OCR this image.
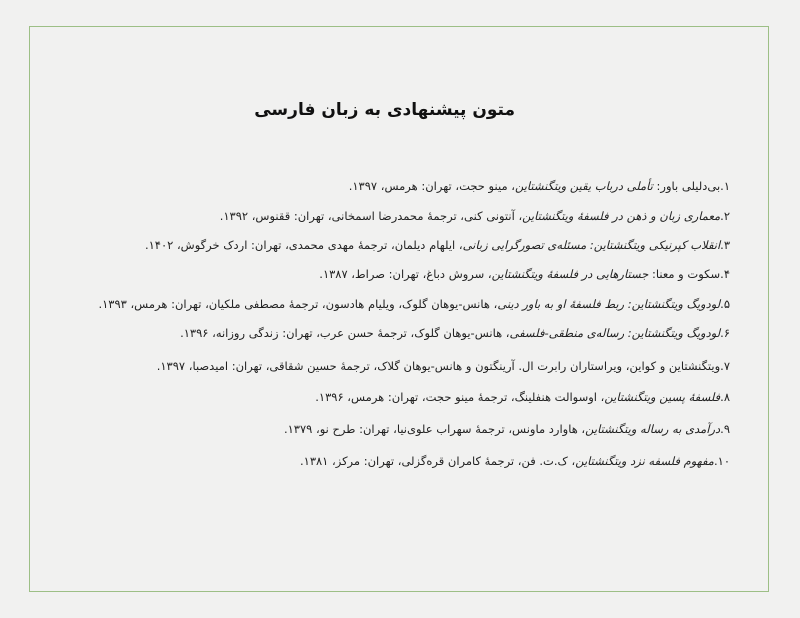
متون پیشنهادی به زبان فارسی
۱.بی‌دلیلی باور: تأملی درباب یقین ویتگنشتاین، مینو حجت، تهران: هرمس، ۱۳۹۷.
۲.معماری زبان و ذهن در فلسفهٔ ویتگنشتاین، آنتونی کنی، ترجمهٔ محمدرضا اسمخانی، تهران: ققنوس، ۱۳۹۲.
۳.انقلاب کپرنیکی ویتگنشتاین: مسئله‌ی تصورگرایی زبانی، ایلهام دیلمان، ترجمهٔ مهدی محمدی، تهران: اردک خرگوش، ۱۴۰۲.
۴.سکوت و معنا: جستارهایی در فلسفهٔ ویتگنشتاین، سروش دباغ، تهران: صراط، ۱۳۸۷.
۵.لودویگ ویتگنشتاین: ربط فلسفهٔ او به باور دینی، هانس-یوهان گلوک، ویلیام هادسون، ترجمهٔ مصطفی ملکیان، تهران: هرمس، ۱۳۹۳.
۶.لودویگ ویتگنشتاین: رساله‌ی منطقی-فلسفی، هانس-یوهان گلوک، ترجمهٔ حسن عرب، تهران: زندگی روزانه، ۱۳۹۶.
۷.ویتگنشتاین و کواین، ویراستاران رابرت ال. آرینگتون و هانس-یوهان گلاک، ترجمهٔ حسین شقاقی، تهران: امیدصبا، ۱۳۹۷.
۸.فلسفهٔ پسین ویتگنشتاین، اوسوالت هنفلینگ، ترجمهٔ مینو حجت، تهران: هرمس، ۱۳۹۶.
۹.درآمدی به رساله ویتگنشتاین، هاوارد ماونس، ترجمهٔ سهراب علوی‌نیا، تهران: طرح نو، ۱۳۷۹.
۱۰.مفهوم فلسفه نزد ویتگنشتاین، ک.ت. فن، ترجمهٔ کامران قره‌گزلی، تهران: مرکز، ۱۳۸۱.
